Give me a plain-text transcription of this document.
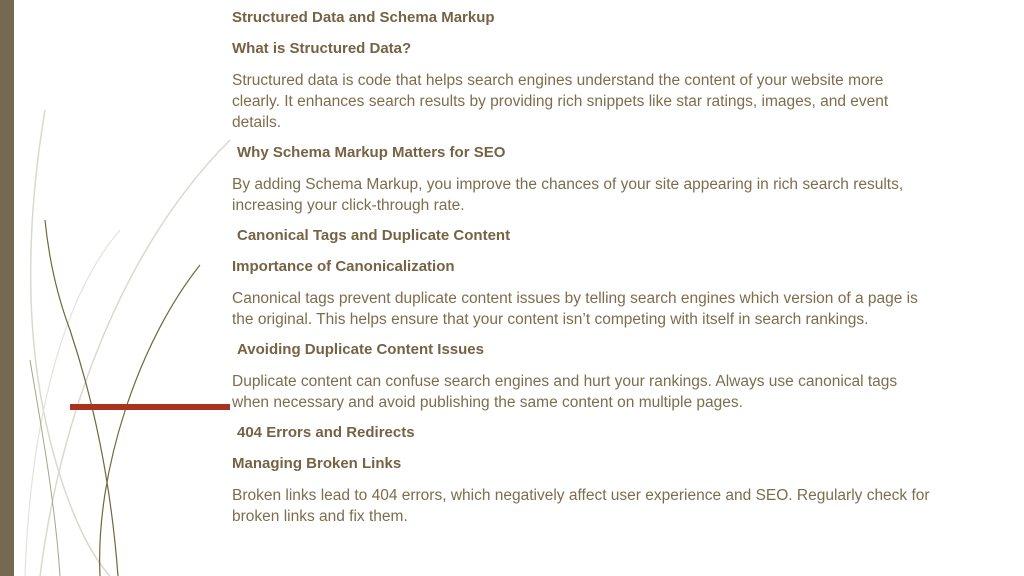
Structured Data and Schema Markup

What is Structured Data?

Structured data is code that helps search engines understand the content of your website more clearly. It enhances search results by providing rich snippets like star ratings, images, and event details.

Why Schema Markup Matters for SEO

By adding Schema Markup, you improve the chances of your site appearing in rich search results, increasing your click-through rate.

Canonical Tags and Duplicate Content

Importance of Canonicalization

Canonical tags prevent duplicate content issues by telling search engines which version of a page is the original. This helps ensure that your content isn’t competing with itself in search rankings.

Avoiding Duplicate Content Issues

Duplicate content can confuse search engines and hurt your rankings. Always use canonical tags when necessary and avoid publishing the same content on multiple pages.

404 Errors and Redirects

Managing Broken Links

Broken links lead to 404 errors, which negatively affect user experience and SEO. Regularly check for broken links and fix them.
